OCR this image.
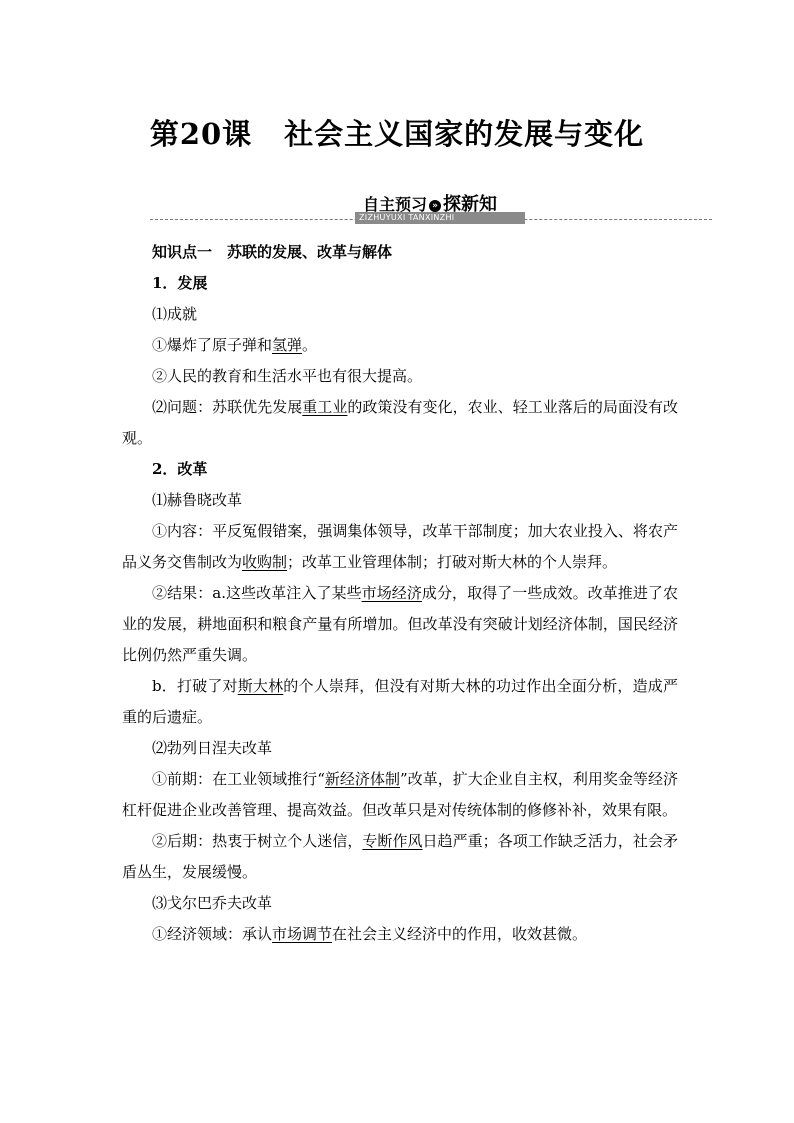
第20课 社会主义国家的发展与变化
ZIZHUYUXI TANXINZHI
自主预习 » 探新知

知识点一　苏联的发展、改革与解体

1．发展

⑴成就

①爆炸了原子弹和氢弹。

②人民的教育和生活水平也有很大提高。

⑵问题：苏联优先发展重工业的政策没有变化，农业、轻工业落后的局面没有改观。

2．改革

⑴赫鲁晓改革

①内容：平反冤假错案，强调集体领导，改革干部制度；加大农业投入、将农产品义务交售制改为收购制；改革工业管理体制；打破对斯大林的个人崇拜。

②结果：a.这些改革注入了某些市场经济成分，取得了一些成效。改革推进了农业的发展，耕地面积和粮食产量有所增加。但改革没有突破计划经济体制，国民经济比例仍然严重失调。

b．打破了对斯大林的个人崇拜，但没有对斯大林的功过作出全面分析，造成严重的后遗症。

⑵勃列日涅夫改革

①前期：在工业领域推行“新经济体制”改革，扩大企业自主权，利用奖金等经济杠杆促进企业改善管理、提高效益。但改革只是对传统体制的修修补补，效果有限。

②后期：热衷于树立个人迷信，专断作风日趋严重；各项工作缺乏活力，社会矛盾丛生，发展缓慢。

⑶戈尔巴乔夫改革

①经济领域：承认市场调节在社会主义经济中的作用，收效甚微。
